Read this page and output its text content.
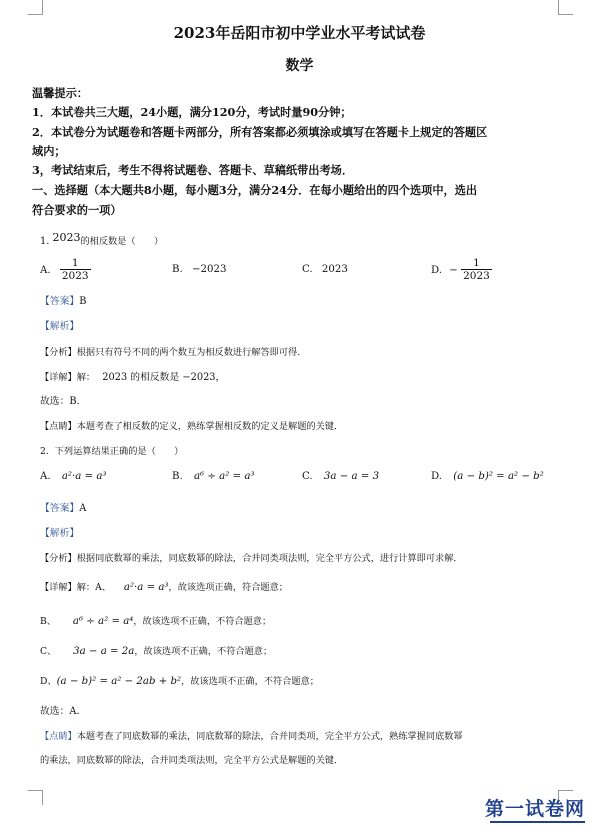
2023年岳阳市初中学业水平考试试卷
数学
温馨提示：
1．本试卷共三大题，24小题，满分120分，考试时量90分钟；
2．本试卷分为试题卷和答题卡两部分，所有答案都必须填涂或填写在答题卡上规定的答题区
域内；
3，考试结束后，考生不得将试题卷、答题卡、草稿纸带出考场．
一、选择题（本大题共8小题，每小题3分，满分24分．在每小题给出的四个选项中，选出
符合要求的一项）
1. 2023的相反数是（　　）
A. $\frac{1}{2023}$	B. −2023	C. 2023	D. − $\frac{1}{2023}$
【答案】B
【解析】
【分析】根据只有符号不同的两个数互为相反数进行解答即可得.
【详解】解： 2023 的相反数是 −2023，
故选：B．
【点睛】本题考查了相反数的定义，熟练掌握相反数的定义是解题的关键．
2. 下列运算结果正确的是（　　）
A. a²·a = a³	B. a⁶ ÷ a² = a³	C. 3a − a = 3	D. (a − b)² = a² − b²
【答案】A
【解析】
【分析】根据同底数幂的乘法，同底数幂的除法，合并同类项法则，完全平方公式，进行计算即可求解．
【详解】解：A、 a²·a = a³，故该选项正确，符合题意；
B、 a⁶ ÷ a² = a⁴，故该选项不正确，不符合题意；
C、 3a − a = 2a，故该选项不正确，不符合题意；
D、(a − b)² = a² − 2ab + b²，故该选项不正确，不符合题意；
故选：A．
【点睛】本题考查了同底数幂的乘法，同底数幂的除法，合并同类项，完全平方公式，熟练掌握同底数幂
的乘法，同底数幂的除法，合并同类项法则，完全平方公式是解题的关键．
第一试卷网
